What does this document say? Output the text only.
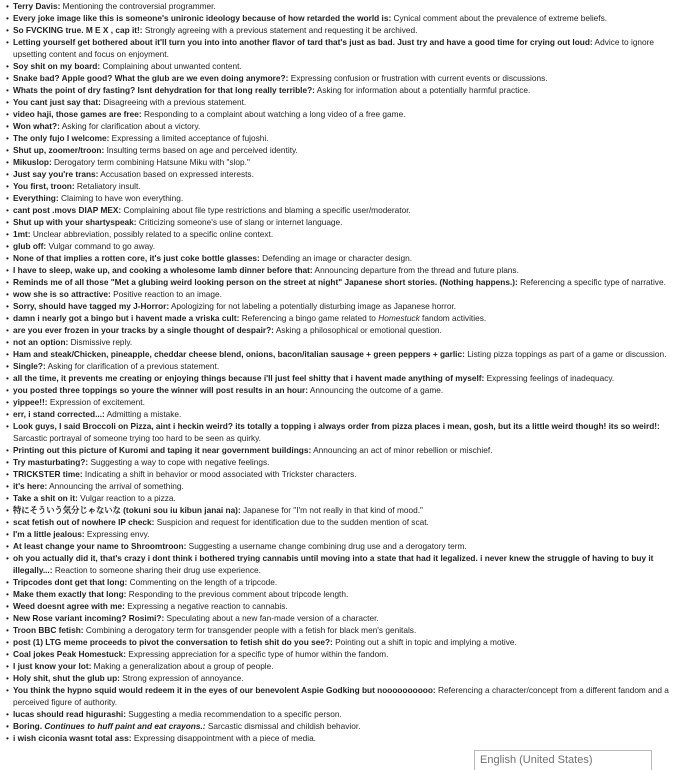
• Terry Davis: Mentioning the controversial programmer.
• Every joke image like this is someone's unironic ideology because of how retarded the world is: Cynical comment about the prevalence of extreme beliefs.
• So FVCKING true. M E X , cap it!: Strongly agreeing with a previous statement and requesting it be archived.
• Letting yourself get bothered about it'll turn you into into another flavor of tard that's just as bad. Just try and have a good time for crying out loud: Advice to ignore upsetting content and focus on enjoyment.
• Soy shit on my board: Complaining about unwanted content.
• Snake bad? Apple good? What the glub are we even doing anymore?: Expressing confusion or frustration with current events or discussions.
• Whats the point of dry fasting? Isnt dehydration for that long really terrible?: Asking for information about a potentially harmful practice.
• You cant just say that: Disagreeing with a previous statement.
• video haji, those games are free: Responding to a complaint about watching a long video of a free game.
• Won what?: Asking for clarification about a victory.
• The only fujo I welcome: Expressing a limited acceptance of fujoshi.
• Shut up, zoomer/troon: Insulting terms based on age and perceived identity.
• Mikuslop: Derogatory term combining Hatsune Miku with "slop."
• Just say you're trans: Accusation based on expressed interests.
• You first, troon: Retaliatory insult.
• Everything: Claiming to have won everything.
• cant post .movs DIAP MEX: Complaining about file type restrictions and blaming a specific user/moderator.
• Shut up with your shartyspeak: Criticizing someone's use of slang or internet language.
• 1mt: Unclear abbreviation, possibly related to a specific online context.
• glub off: Vulgar command to go away.
• None of that implies a rotten core, it's just coke bottle glasses: Defending an image or character design.
• I have to sleep, wake up, and cooking a wholesome lamb dinner before that: Announcing departure from the thread and future plans.
• Reminds me of all those "Met a glubing weird looking person on the street at night" Japanese short stories. (Nothing happens.): Referencing a specific type of narrative.
• wow she is so attractive: Positive reaction to an image.
• Sorry, should have tagged my J-Horror: Apologizing for not labeling a potentially disturbing image as Japanese horror.
• damn i nearly got a bingo but i havent made a vriska cult: Referencing a bingo game related to Homestuck fandom activities.
• are you ever frozen in your tracks by a single thought of despair?: Asking a philosophical or emotional question.
• not an option: Dismissive reply.
• Ham and steak/Chicken, pineapple, cheddar cheese blend, onions, bacon/italian sausage + green peppers + garlic: Listing pizza toppings as part of a game or discussion.
• Single?: Asking for clarification of a previous statement.
• all the time, it prevents me creating or enjoying things because i'll just feel shitty that i havent made anything of myself: Expressing feelings of inadequacy.
• you posted three toppings so youre the winner will post results in an hour: Announcing the outcome of a game.
• yippee!!: Expression of excitement.
• err, i stand corrected...: Admitting a mistake.
• Look guys, I said Broccoli on Pizza, aint i heckin weird? its totally a topping i always order from pizza places i mean, gosh, but its a little weird though! its so weird!: Sarcastic portrayal of someone trying too hard to be seen as quirky.
• Printing out this picture of Kuromi and taping it near government buildings: Announcing an act of minor rebellion or mischief.
• Try masturbating?: Suggesting a way to cope with negative feelings.
• TRICKSTER time: Indicating a shift in behavior or mood associated with Trickster characters.
• it's here: Announcing the arrival of something.
• Take a shit on it: Vulgar reaction to a pizza.
• 特にそういう気分じゃないな (tokuni sou iu kibun janai na): Japanese for "I'm not really in that kind of mood."
• scat fetish out of nowhere IP check: Suspicion and request for identification due to the sudden mention of scat.
• I'm a little jealous: Expressing envy.
• At least change your name to Shroomtroon: Suggesting a username change combining drug use and a derogatory term.
• oh you actually did it, that's crazy i dont think i bothered trying cannabis until moving into a state that had it legalized. i never knew the struggle of having to buy it illegally...: Reaction to someone sharing their drug use experience.
• Tripcodes dont get that long: Commenting on the length of a tripcode.
• Make them exactly that long: Responding to the previous comment about tripcode length.
• Weed doesnt agree with me: Expressing a negative reaction to cannabis.
• New Rose variant incoming? Rosimi?: Speculating about a new fan-made version of a character.
• Troon BBC fetish: Combining a derogatory term for transgender people with a fetish for black men's genitals.
• post (1) LTG meme proceeds to pivot the conversation to fetish shit do you see?: Pointing out a shift in topic and implying a motive.
• Coal jokes Peak Homestuck: Expressing appreciation for a specific type of humor within the fandom.
• I just know your lot: Making a generalization about a group of people.
• Holy shit, shut the glub up: Strong expression of annoyance.
• You think the hypno squid would redeem it in the eyes of our benevolent Aspie Godking but noooooooooo: Referencing a character/concept from a different fandom and a perceived figure of authority.
• lucas should read higurashi: Suggesting a media recommendation to a specific person.
• Boring. Continues to huff paint and eat crayons.: Sarcastic dismissal and childish behavior.
• i wish ciconia wasnt total ass: Expressing disappointment with a piece of media.
English (United States)
